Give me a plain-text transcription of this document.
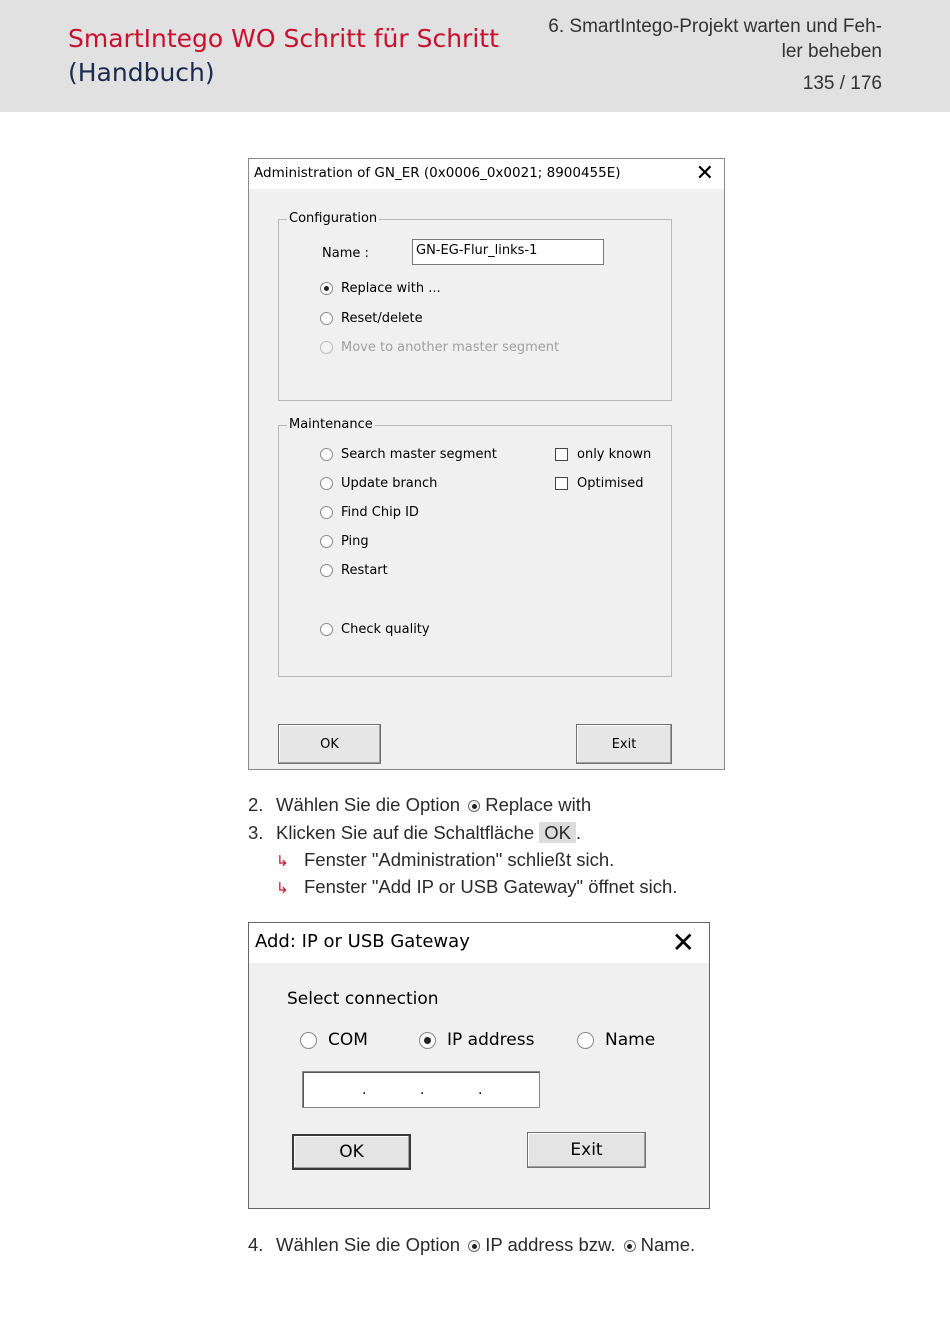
SmartIntego WO Schritt für Schritt
(Handbuch)
6. SmartIntego-Projekt warten und Feh-
ler beheben
135 / 176
Administration of GN_ER (0x0006_0x0021; 8900455E)	✕
Configuration
Name :	GN-EG-Flur_links-1
Replace with ...
Reset/delete
Move to another master segment
Maintenance
Search master segment
Update branch
Find Chip ID
Ping
Restart
Check quality
only known
Optimised
OK	Exit
2. Wählen Sie die Option Replace with
3. Klicken Sie auf die Schaltfläche OK .
↳ Fenster "Administration" schließt sich.
↳ Fenster "Add IP or USB Gateway" öffnet sich.
Add: IP or USB Gateway	✕
Select connection
COM	IP address	Name
.	.	.
OK	Exit
4. Wählen Sie die Option IP address bzw. Name.
